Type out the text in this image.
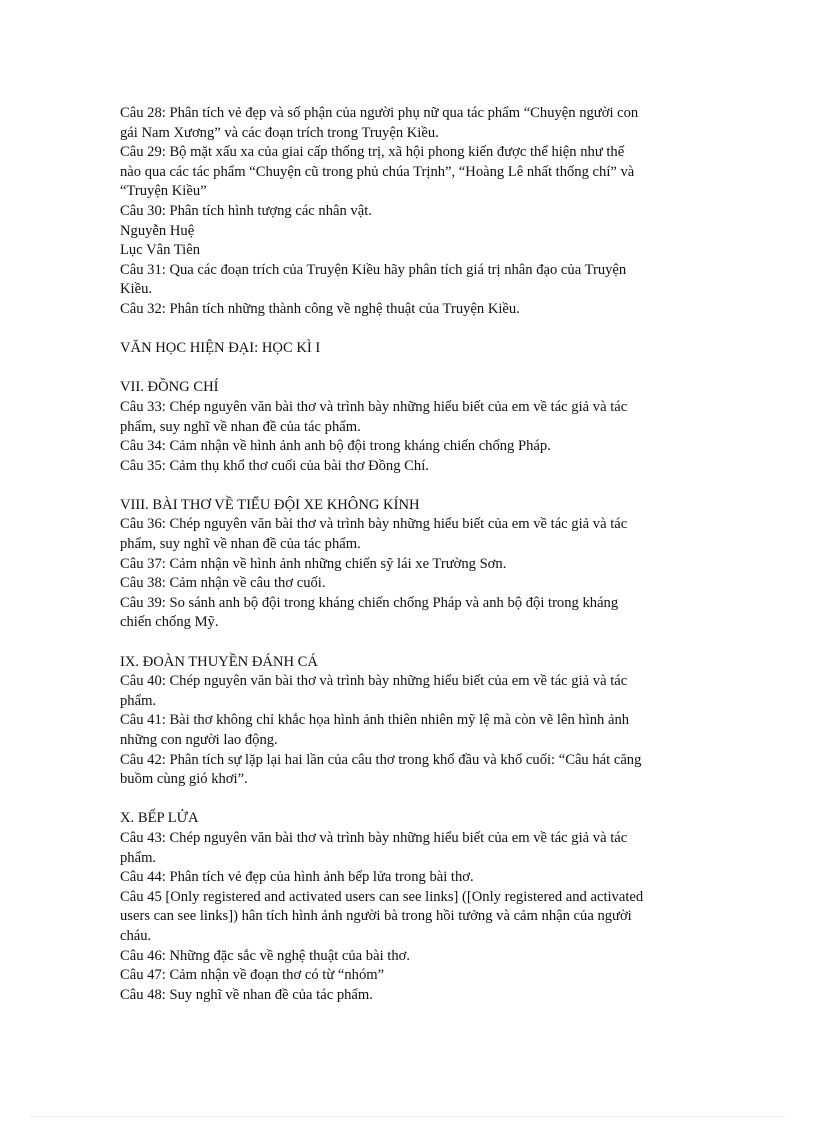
Câu 28: Phân tích vẻ đẹp và số phận của người phụ nữ qua tác phẩm “Chuyện người con
gái Nam Xương” và các đoạn trích trong Truyện Kiều.
Câu 29: Bộ mặt xấu xa của giai cấp thống trị, xã hội phong kiến được thể hiện như thế
nào qua các tác phẩm “Chuyện cũ trong phủ chúa Trịnh”, “Hoàng Lê nhất thống chí” và
“Truyện Kiều”
Câu 30: Phân tích hình tượng các nhân vật.
Nguyễn Huệ
Lục Vân Tiên
Câu 31: Qua các đoạn trích của Truyện Kiều hãy phân tích giá trị nhân đạo của Truyện
Kiều.
Câu 32: Phân tích những thành công về nghệ thuật của Truyện Kiều.
VĂN HỌC HIỆN ĐẠI: HỌC KÌ I
VII. ĐỒNG CHÍ
Câu 33: Chép nguyên văn bài thơ và trình bày những hiểu biết của em về tác giả và tác
phẩm, suy nghĩ về nhan đề của tác phẩm.
Câu 34: Cảm nhận về hình ảnh anh bộ đội trong kháng chiến chống Pháp.
Câu 35: Cảm thụ khổ thơ cuối của bài thơ Đồng Chí.
VIII. BÀI THƠ VỀ TIỂU ĐỘI XE KHÔNG KÍNH
Câu 36: Chép nguyên văn bài thơ và trình bày những hiểu biết của em về tác giả và tác
phẩm, suy nghĩ về nhan đề của tác phẩm.
Câu 37: Cảm nhận về hình ảnh những chiến sỹ lái xe Trường Sơn.
Câu 38: Cảm nhận về câu thơ cuối.
Câu 39: So sánh anh bộ đội trong kháng chiến chống Pháp và anh bộ đội trong kháng
chiến chống Mỹ.
IX. ĐOÀN THUYỀN ĐÁNH CÁ
Câu 40: Chép nguyên văn bài thơ và trình bày những hiểu biết của em về tác giả và tác
phẩm.
Câu 41: Bài thơ không chỉ khắc họa hình ảnh thiên nhiên mỹ lệ mà còn vẽ lên hình ảnh
những con người lao động.
Câu 42: Phân tích sự lặp lại hai lần của câu thơ trong khổ đầu và khổ cuối: “Câu hát căng
buồm cùng gió khơi”.
X. BẾP LỬA
Câu 43: Chép nguyên văn bài thơ và trình bày những hiểu biết của em về tác giả và tác
phẩm.
Câu 44: Phân tích vẻ đẹp của hình ảnh bếp lửa trong bài thơ.
Câu 45 [Only registered and activated users can see links] ([Only registered and activated
users can see links]) hân tích hình ảnh người bà trong hồi tưởng và cảm nhận của người
cháu.
Câu 46: Những đặc sắc về nghệ thuật của bài thơ.
Câu 47: Cảm nhận về đoạn thơ có từ “nhóm”
Câu 48: Suy nghĩ về nhan đề của tác phẩm.
